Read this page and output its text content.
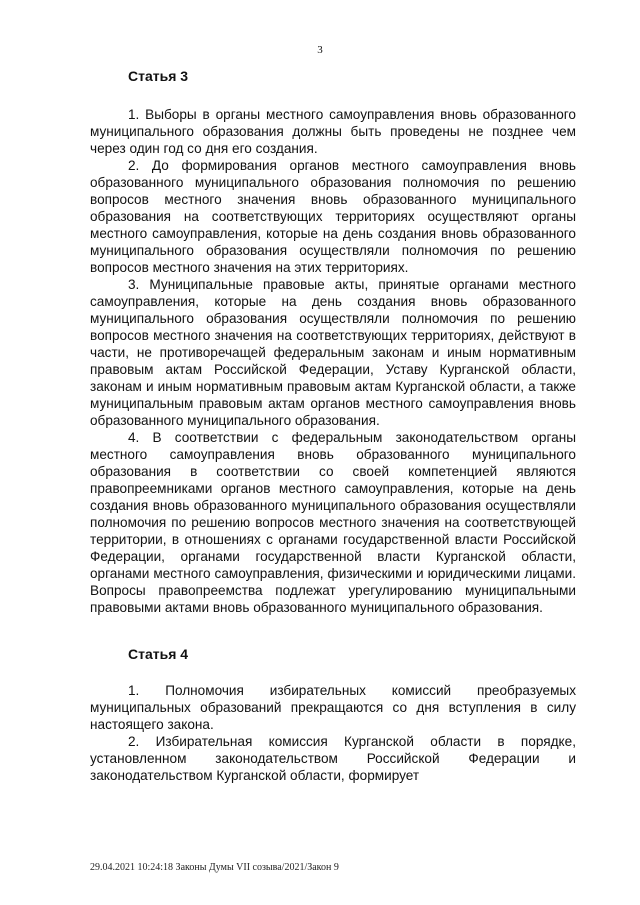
3
Статья 3

1. Выборы в органы местного самоуправления вновь образованного муниципального образования должны быть проведены не позднее чем через один год со дня его создания.

2. До формирования органов местного самоуправления вновь образованного муниципального образования полномочия по решению вопросов местного значения вновь образованного муниципального образования на соответствующих территориях осуществляют органы местного самоуправления, которые на день создания вновь образованного муниципального образования осуществляли полномочия по решению вопросов местного значения на этих территориях.

3. Муниципальные правовые акты, принятые органами местного самоуправления, которые на день создания вновь образованного муниципального образования осуществляли полномочия по решению вопросов местного значения на соответствующих территориях, действуют в части, не противоречащей федеральным законам и иным нормативным правовым актам Российской Федерации, Уставу Курганской области, законам и иным нормативным правовым актам Курганской области, а также муниципальным правовым актам органов местного самоуправления вновь образованного муниципального образования.

4. В соответствии с федеральным законодательством органы местного самоуправления вновь образованного муниципального образования в соответствии со своей компетенцией являются правопреемниками органов местного самоуправления, которые на день создания вновь образованного муниципального образования осуществляли полномочия по решению вопросов местного значения на соответствующей территории, в отношениях с органами государственной власти Российской Федерации, органами государственной власти Курганской области, органами местного самоуправления, физическими и юридическими лицами. Вопросы правопреемства подлежат урегулированию муниципальными правовыми актами вновь образованного муниципального образования.

Статья 4

1. Полномочия избирательных комиссий преобразуемых муниципальных образований прекращаются со дня вступления в силу настоящего закона.

2. Избирательная комиссия Курганской области в порядке, установленном законодательством Российской Федерации и законодательством Курганской области, формирует

29.04.2021 10:24:18 Законы Думы VII созыва/2021/Закон 9
